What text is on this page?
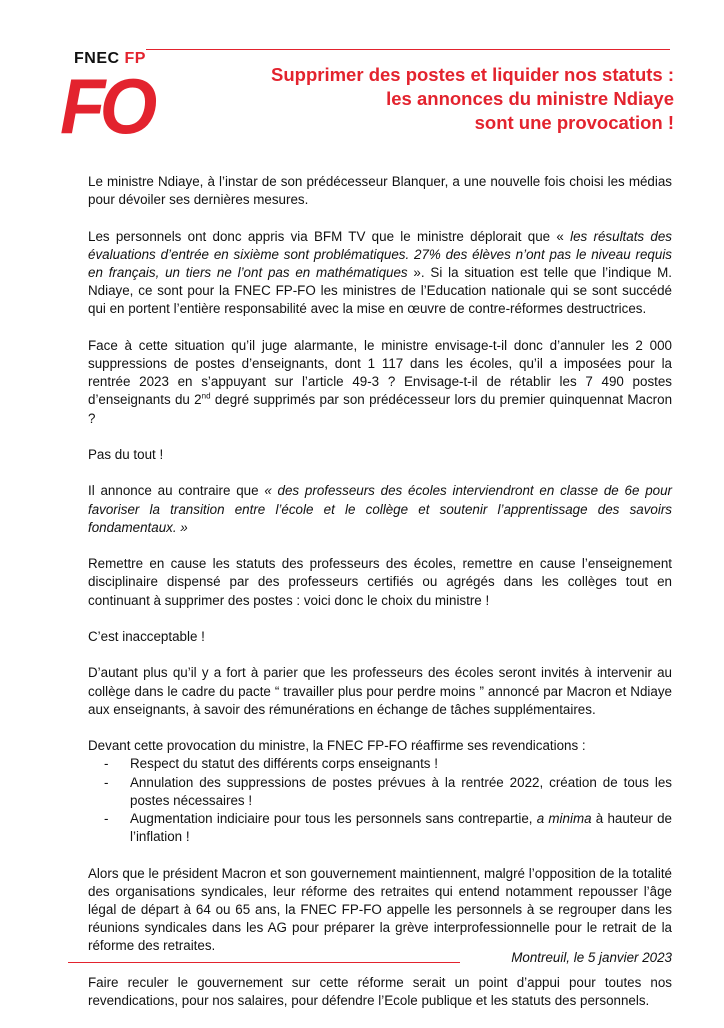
FNEC FP
FO	Supprimer des postes et liquider nos statuts :
les annonces du ministre Ndiaye
sont une provocation !

Le ministre Ndiaye, à l’instar de son prédécesseur Blanquer, a une nouvelle fois choisi les médias pour dévoiler ses dernières mesures.

Les personnels ont donc appris via BFM TV que le ministre déplorait que « les résultats des évaluations d’entrée en sixième sont problématiques. 27% des élèves n’ont pas le niveau requis en français, un tiers ne l’ont pas en mathématiques ». Si la situation est telle que l’indique M. Ndiaye, ce sont pour la FNEC FP-FO les ministres de l’Education nationale qui se sont succédé qui en portent l’entière responsabilité avec la mise en œuvre de contre-réformes destructrices.

Face à cette situation qu’il juge alarmante, le ministre envisage-t-il donc d’annuler les 2 000 suppressions de postes d’enseignants, dont 1 117 dans les écoles, qu’il a imposées pour la rentrée 2023 en s’appuyant sur l’article 49-3 ? Envisage-t-il de rétablir les 7 490 postes d’enseignants du 2nd degré supprimés par son prédécesseur lors du premier quinquennat Macron ?

Pas du tout !

Il annonce au contraire que « des professeurs des écoles interviendront en classe de 6e pour favoriser la transition entre l’école et le collège et soutenir l’apprentissage des savoirs fondamentaux. »

Remettre en cause les statuts des professeurs des écoles, remettre en cause l’enseignement disciplinaire dispensé par des professeurs certifiés ou agrégés dans les collèges tout en continuant à supprimer des postes : voici donc le choix du ministre !

C’est inacceptable !

D’autant plus qu’il y a fort à parier que les professeurs des écoles seront invités à intervenir au collège dans le cadre du pacte “ travailler plus pour perdre moins ” annoncé par Macron et Ndiaye aux enseignants, à savoir des rémunérations en échange de tâches supplémentaires.

Devant cette provocation du ministre, la FNEC FP-FO réaffirme ses revendications :

- Respect du statut des différents corps enseignants !
- Annulation des suppressions de postes prévues à la rentrée 2022, création de tous les postes nécessaires !
- Augmentation indiciaire pour tous les personnels sans contrepartie, a minima à hauteur de l’inflation !

Alors que le président Macron et son gouvernement maintiennent, malgré l’opposition de la totalité des organisations syndicales, leur réforme des retraites qui entend notamment repousser l’âge légal de départ à 64 ou 65 ans, la FNEC FP-FO appelle les personnels à se regrouper dans les réunions syndicales dans les AG pour préparer la grève interprofessionnelle pour le retrait de la réforme des retraites.

Faire reculer le gouvernement sur cette réforme serait un point d’appui pour toutes nos revendications, pour nos salaires, pour défendre l’Ecole publique et les statuts des personnels.

Montreuil, le 5 janvier 2023
